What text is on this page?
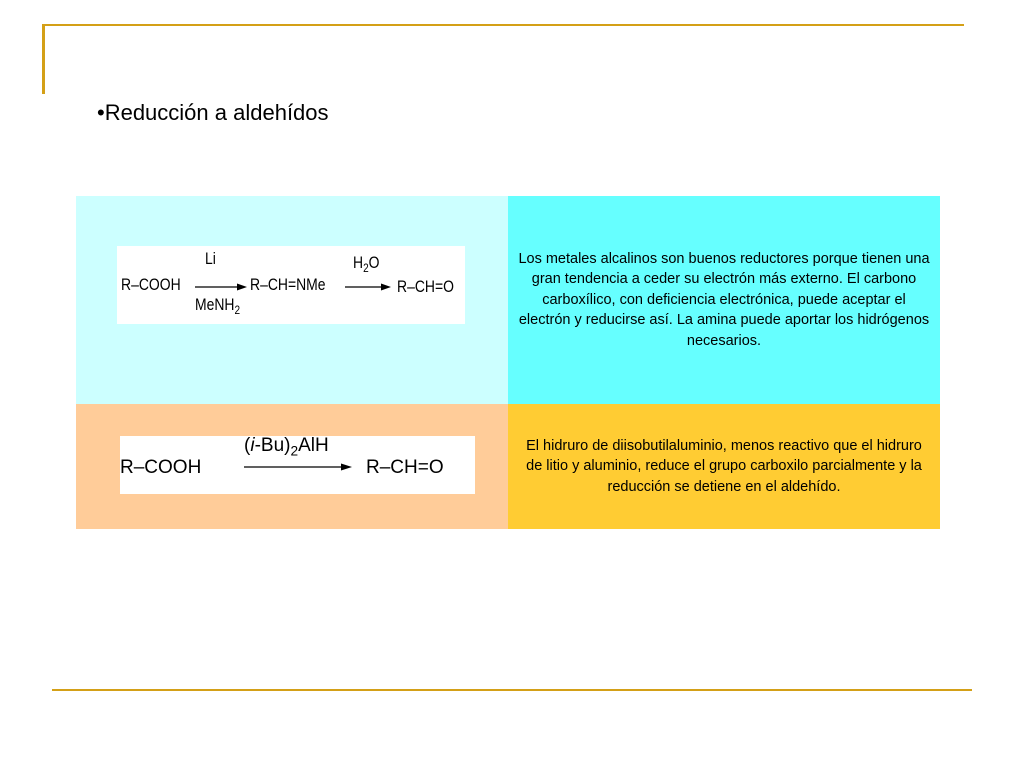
•Reducción a aldehídos
R–COOH
Li
MeNH$_2$
R–CH=NMe
$H_2O$
→ R–CH=O
Los metales alcalinos son buenos reductores porque tienen una gran tendencia a ceder su electrón más externo. El carbono carboxílico, con deficiencia electrónica, puede aceptar el electrón y reducirse así. La amina puede aportar los hidrógenos necesarios.
R–COOH
$(i-Bu)_2AlH$
R–CH=O
El hidruro de diisobutilaluminio, menos reactivo que el hidruro de litio y aluminio, reduce el grupo carboxilo parcialmente y la reducción se detiene en el aldehído.
